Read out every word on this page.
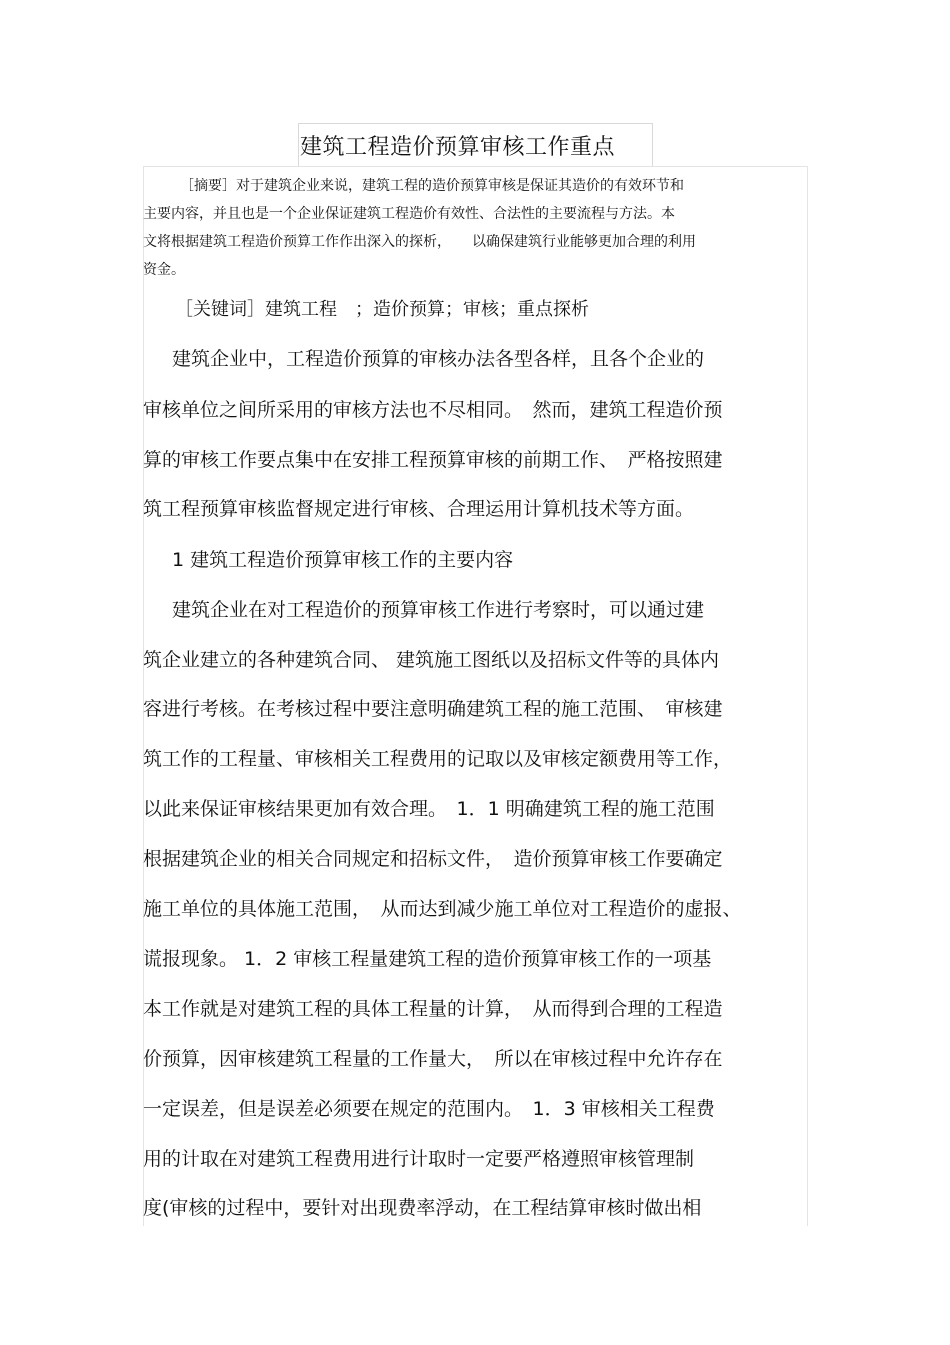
建筑工程造价预算审核工作重点
［摘要］对于建筑企业来说，建筑工程的造价预算审核是保证其造价的有效环节和
主要内容，并且也是一个企业保证建筑工程造价有效性、合法性的主要流程与方法。本
文将根据建筑工程造价预算工作作出深入的探析，　　以确保建筑行业能够更加合理的利用
资金。
［关键词］建筑工程　；造价预算；审核；重点探析
建筑企业中，工程造价预算的审核办法各型各样，且各个企业的
审核单位之间所采用的审核方法也不尽相同。　然而，建筑工程造价预
算的审核工作要点集中在安排工程预算审核的前期工作、　严格按照建
筑工程预算审核监督规定进行审核、合理运用计算机技术等方面。
1 建筑工程造价预算审核工作的主要内容
建筑企业在对工程造价的预算审核工作进行考察时，可以通过建
筑企业建立的各种建筑合同、 建筑施工图纸以及招标文件等的具体内
容进行考核。在考核过程中要注意明确建筑工程的施工范围、　审核建
筑工作的工程量、审核相关工程费用的记取以及审核定额费用等工作，
以此来保证审核结果更加有效合理。　1．1 明确建筑工程的施工范围
根据建筑企业的相关合同规定和招标文件，　造价预算审核工作要确定
施工单位的具体施工范围，　从而达到减少施工单位对工程造价的虚报、
谎报现象。 1．2 审核工程量建筑工程的造价预算审核工作的一项基
本工作就是对建筑工程的具体工程量的计算，　从而得到合理的工程造
价预算，因审核建筑工程量的工作量大，　所以在审核过程中允许存在
一定误差，但是误差必须要在规定的范围内。　1．3 审核相关工程费
用的计取在对建筑工程费用进行计取时一定要严格遵照审核管理制
度(审核的过程中，要针对出现费率浮动，在工程结算审核时做出相
